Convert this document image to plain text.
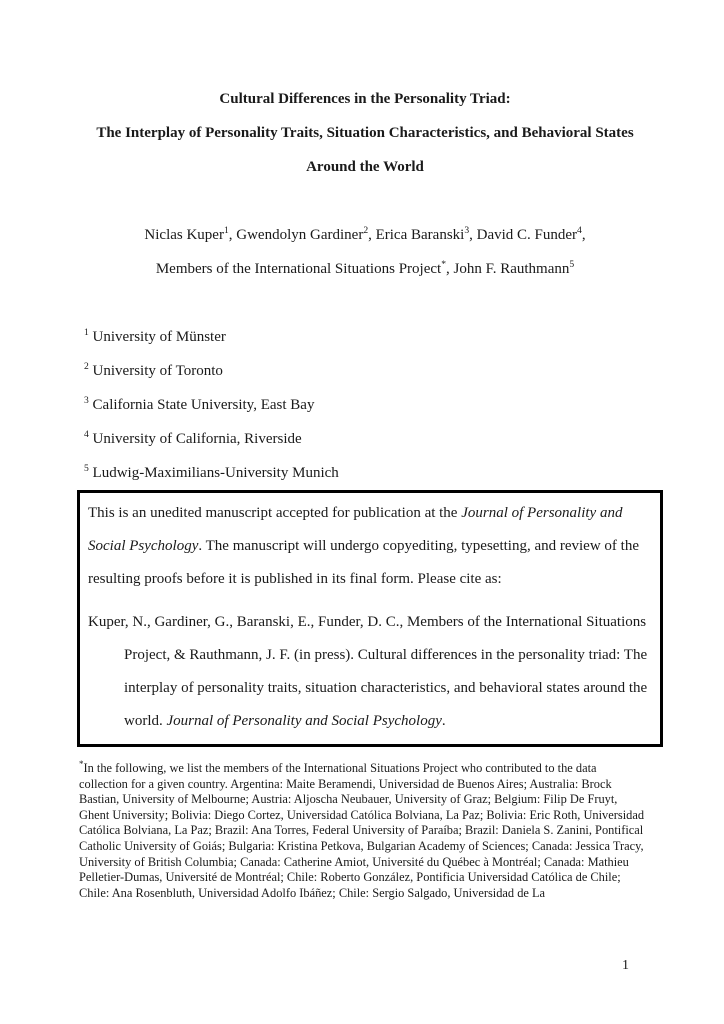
Cultural Differences in the Personality Triad:
The Interplay of Personality Traits, Situation Characteristics, and Behavioral States
Around the World
Niclas Kuper$^1$, Gwendolyn Gardiner$^2$, Erica Baranski$^3$, David C. Funder$^4$,
Members of the International Situations Project*, John F. Rauthmann$^5$
$^1$ University of Münster
$^2$ University of Toronto
$^3$ California State University, East Bay
$^4$ University of California, Riverside
$^5$ Ludwig-Maximilians-University Munich
This is an unedited manuscript accepted for publication at the Journal of Personality and Social Psychology. The manuscript will undergo copyediting, typesetting, and review of the resulting proofs before it is published in its final form. Please cite as:
Kuper, N., Gardiner, G., Baranski, E., Funder, D. C., Members of the International Situations Project, & Rauthmann, J. F. (in press). Cultural differences in the personality triad: The interplay of personality traits, situation characteristics, and behavioral states around the world. Journal of Personality and Social Psychology.
*In the following, we list the members of the International Situations Project who contributed to the data collection for a given country. Argentina: Maite Beramendi, Universidad de Buenos Aires; Australia: Brock Bastian, University of Melbourne; Austria: Aljoscha Neubauer, University of Graz; Belgium: Filip De Fruyt, Ghent University; Bolivia: Diego Cortez, Universidad Católica Bolviana, La Paz; Bolivia: Eric Roth, Universidad Católica Bolviana, La Paz; Brazil: Ana Torres, Federal University of Paraíba; Brazil: Daniela S. Zanini, Pontifical Catholic University of Goiás; Bulgaria: Kristina Petkova, Bulgarian Academy of Sciences; Canada: Jessica Tracy, University of British Columbia; Canada: Catherine Amiot, Université du Québec à Montréal; Canada: Mathieu Pelletier-Dumas, Université de Montréal; Chile: Roberto González, Pontificia Universidad Católica de Chile; Chile: Ana Rosenbluth, Universidad Adolfo Ibáñez; Chile: Sergio Salgado, Universidad de La
1
